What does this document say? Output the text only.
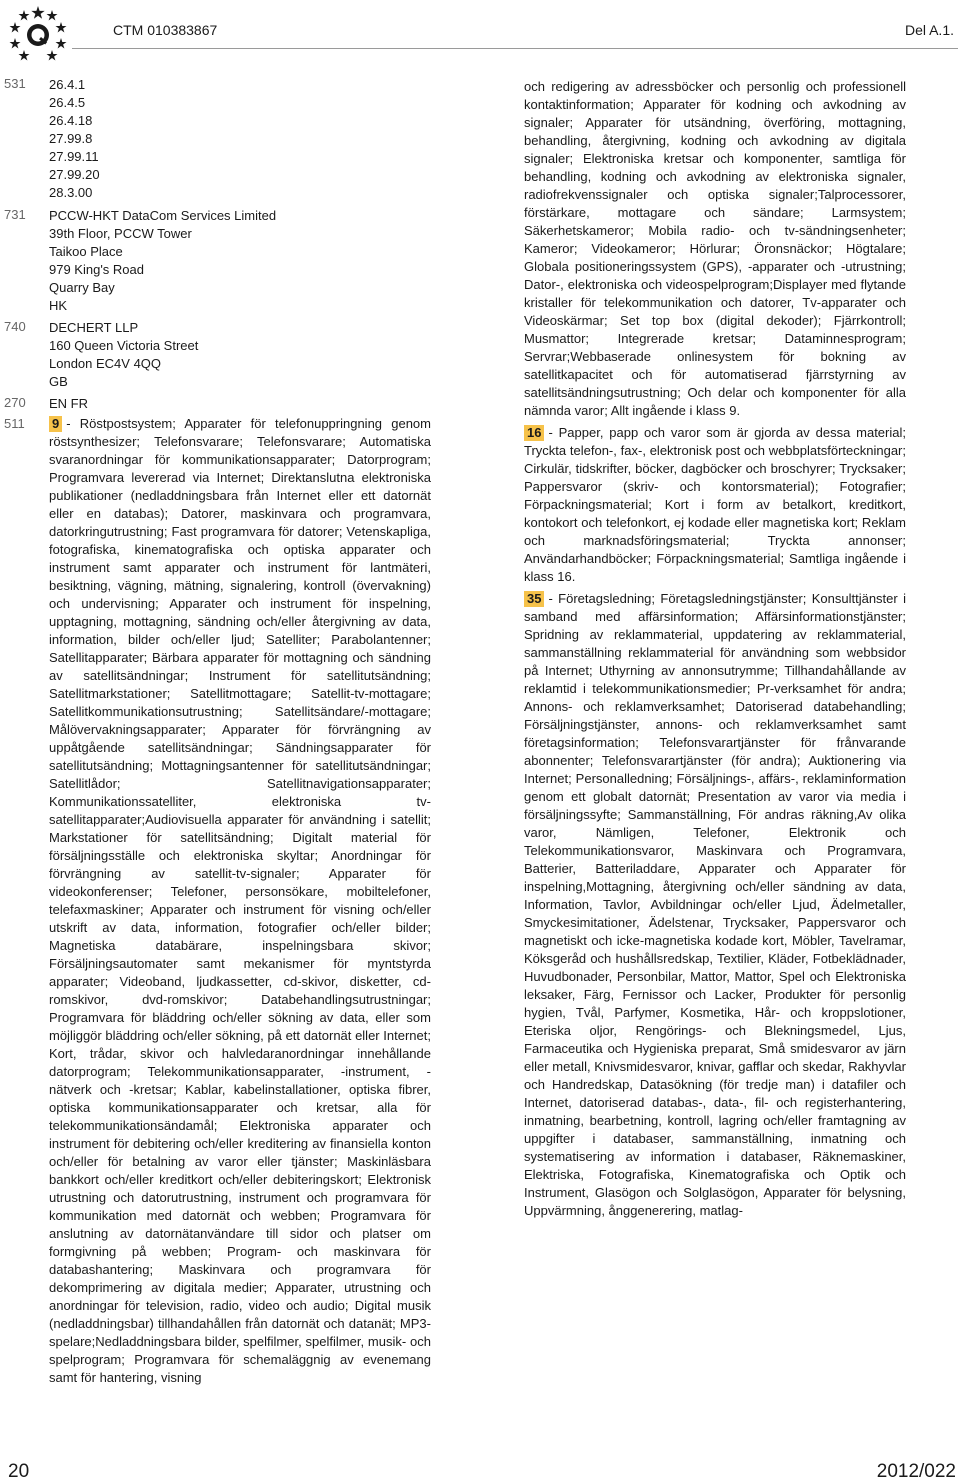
CTM 010383867	Del A.1.
531 26.4.1
26.4.5
26.4.18
27.99.8
27.99.11
27.99.20
28.3.00
731 PCCW-HKT DataCom Services Limited
39th Floor, PCCW Tower
Taikoo Place
979 King's Road
Quarry Bay
HK
740 DECHERT LLP
160 Queen Victoria Street
London EC4V 4QQ
GB
270 EN FR
511 9 - Röstpostsystem; Apparater för telefonuppringning genom röstsynthesizer; Telefonsvarare; Telefonsvarare; Automatiska svaranordningar för kommunikationsapparater; Datorprogram; Programvara levererad via Internet; Direktanslutna elektroniska publikationer (nedladdningsbara från Internet eller ett datornät eller en databas); Datorer, maskinvara och programvara, datorkringutrustning; Fast programvara för datorer; Vetenskapliga, fotografiska, kinematografiska och optiska apparater och instrument samt apparater och instrument för lantmäteri, besiktning, vägning, mätning, signalering, kontroll (övervakning) och undervisning; Apparater och instrument för inspelning, upptagning, mottagning, sändning och/eller återgivning av data, information, bilder och/eller ljud; Satelliter; Parabolantenner; Satellitapparater; Bärbara apparater för mottagning och sändning av satellitsändningar; Instrument för satellitutsändning; Satellitmarkstationer; Satellitmottagare; Satellit-tv-mottagare; Satellitkommunikationsutrustning; Satellitsändare/-mottagare; Målövervakningsapparater; Apparater för förvrängning av uppåtgående satellitsändningar; Sändningsapparater för satellitutsändning; Mottagningsantenner för satellitutsändningar; Satellitlådor; Satellitnavigationsapparater; Kommunikationssatelliter, elektroniska tv-satellitapparater;Audiovisuella apparater för användning i satellit; Markstationer för satellitsändning; Digitalt material för försäljningsställe och elektroniska skyltar; Anordningar för förvrängning av satellit-tv-signaler; Apparater för videokonferenser; Telefoner, personsökare, mobiltelefoner, telefaxmaskiner; Apparater och instrument för visning och/eller utskrift av data, information, fotografier och/eller bilder; Magnetiska databärare, inspelningsbara skivor; Försäljningsautomater samt mekanismer för myntstyrda apparater; Videoband, ljudkassetter, cd-skivor, disketter, cd-romskivor, dvd-romskivor; Databehandlingsutrustningar; Programvara för bläddring och/eller sökning av data, eller som möjliggör bläddring och/eller sökning, på ett datornät eller Internet; Kort, trådar, skivor och halvledaranordningar innehållande datorprogram; Telekommunikationsapparater, -instrument, -nätverk och -kretsar; Kablar, kabelinstallationer, optiska fibrer, optiska kommunikationsapparater och kretsar, alla för telekommunikationsändamål; Elektroniska apparater och instrument för debitering och/eller kreditering av finansiella konton och/eller för betalning av varor eller tjänster; Maskinläsbara bankkort och/eller kreditkort och/eller debiteringskort; Elektronisk utrustning och datorutrustning, instrument och programvara för kommunikation med datornät och webben; Programvara för anslutning av datornätanvändare till sidor och platser om formgivning på webben; Program- och maskinvara för databashantering; Maskinvara och programvara för dekomprimering av digitala medier; Apparater, utrustning och anordningar för television, radio, video och audio; Digital musik (nedladdningsbar) tillhandahållen från datornät och datanät; MP3-spelare;Nedladdningsbara bilder, spelfilmer, spelfilmer, musik- och spelprogram; Programvara för schemaläggnig av evenemang samt för hantering, visning

och redigering av adressböcker och personlig och professionell kontaktinformation; Apparater för kodning och avkodning av signaler; Apparater för utsändning, överföring, mottagning, behandling, återgivning, kodning och avkodning av digitala signaler; Elektroniska kretsar och komponenter, samtliga för behandling, kodning och avkodning av elektroniska signaler, radiofrekvenssignaler och optiska signaler;Talprocessorer, förstärkare, mottagare och sändare; Larmsystem; Säkerhetskameror; Mobila radio- och tv-sändningsenheter; Kameror; Videokameror; Hörlurar; Öronsnäckor; Högtalare; Globala positioneringssystem (GPS), -apparater och -utrustning; Dator-, elektroniska och videospelprogram;Displayer med flytande kristaller för telekommunikation och datorer, Tv-apparater och Videoskärmar; Set top box (digital dekoder); Fjärrkontroll; Musmattor; Integrerade kretsar; Dataminnesprogram; Servrar;Webbaserade onlinesystem för bokning av satellitkapacitet och för automatiserad fjärrstyrning av satellitsändningsutrustning; Och delar och komponenter för alla nämnda varor; Allt ingående i klass 9.

16 - Papper, papp och varor som är gjorda av dessa material; Tryckta telefon-, fax-, elektronisk post och webbplatsförteckningar; Cirkulär, tidskrifter, böcker, dagböcker och broschyrer; Trycksaker; Pappersvaror (skriv- och kontorsmaterial); Fotografier; Förpackningsmaterial; Kort i form av betalkort, kreditkort, kontokort och telefonkort, ej kodade eller magnetiska kort; Reklam och marknadsföringsmaterial; Tryckta annonser; Användarhandböcker; Förpackningsmaterial; Samtliga ingående i klass 16.

35 - Företagsledning; Företagsledningstjänster; Konsulttjänster i samband med affärsinformation; Affärsinformationstjänster; Spridning av reklammaterial, uppdatering av reklammaterial, sammanställning reklammaterial för användning som webbsidor på Internet; Uthyrning av annonsutrymme; Tillhandahållande av reklamtid i telekommunikationsmedier; Pr-verksamhet för andra; Annons- och reklamverksamhet; Datoriserad databehandling; Försäljningstjänster, annons- och reklamverksamhet samt företagsinformation; Telefonsvarartjänster för frånvarande abonnenter; Telefonsvarartjänster (för andra); Auktionering via Internet; Personalledning; Försäljnings-, affärs-, reklaminformation genom ett globalt datornät; Presentation av varor via media i försäljningssyfte; Sammanställning, För andras räkning,Av olika varor, Nämligen, Telefoner, Elektronik och Telekommunikationsvaror, Maskinvara och Programvara, Batterier, Batteriladdare, Apparater och Apparater för inspelning,Mottagning, återgivning och/eller sändning av data, Information, Tavlor, Avbildningar och/eller Ljud, Ädelmetaller, Smyckesimitationer, Ädelstenar, Trycksaker, Pappersvaror och magnetiskt och icke-magnetiska kodade kort, Möbler, Tavelramar, Köksgeråd och hushållsredskap, Textilier, Kläder, Fotbeklädnader, Huvudbonader, Personbilar, Mattor, Mattor, Spel och Elektroniska leksaker, Färg, Fernissor och Lacker, Produkter för personlig hygien, Tvål, Parfymer, Kosmetika, Hår- och kroppslotioner, Eteriska oljor, Rengörings- och Blekningsmedel, Ljus, Farmaceutika och Hygieniska preparat, Små smidesvaror av järn eller metall, Knivsmidesvaror, knivar, gafflar och skedar, Rakhyvlar och Handredskap, Datasökning (för tredje man) i datafiler och Internet, datoriserad databas-, data-, fil- och registerhantering, inmatning, bearbetning, kontroll, lagring och/eller framtagning av uppgifter i databaser, sammanställning, inmatning och systematisering av information i databaser, Räknemaskiner, Elektriska, Fotografiska, Kinematografiska och Optik och Instrument, Glasögon och Solglasögon, Apparater för belysning, Uppvärmning, ånggenerering, matlag-

20	2012/022
